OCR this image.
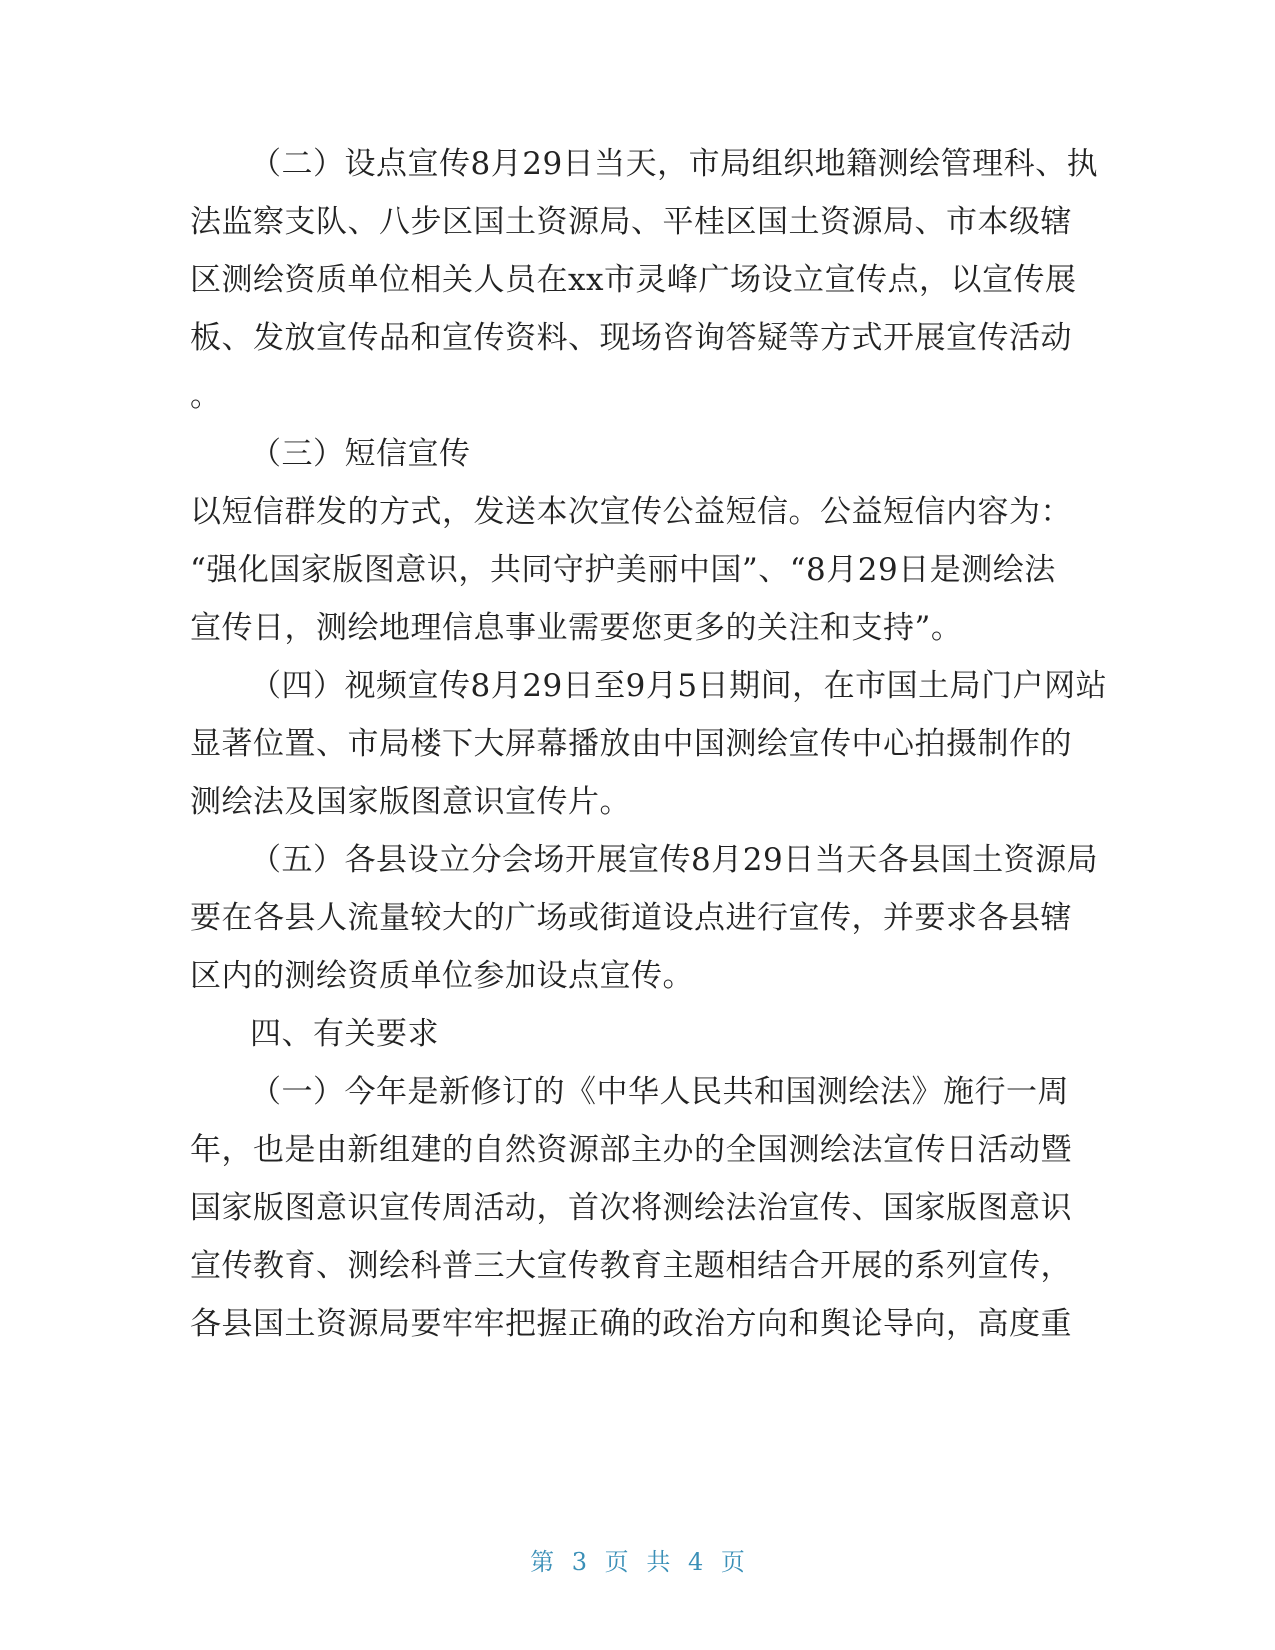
（二）设点宣传8月29日当天，市局组织地籍测绘管理科、执
法监察支队、八步区国土资源局、平桂区国土资源局、市本级辖
区测绘资质单位相关人员在xx市灵峰广场设立宣传点，以宣传展
板、发放宣传品和宣传资料、现场咨询答疑等方式开展宣传活动
。
（三）短信宣传
以短信群发的方式，发送本次宣传公益短信。公益短信内容为：
“强化国家版图意识，共同守护美丽中国”、“8月29日是测绘法
宣传日，测绘地理信息事业需要您更多的关注和支持”。
（四）视频宣传8月29日至9月5日期间，在市国土局门户网站
显著位置、市局楼下大屏幕播放由中国测绘宣传中心拍摄制作的
测绘法及国家版图意识宣传片。
（五）各县设立分会场开展宣传8月29日当天各县国土资源局
要在各县人流量较大的广场或街道设点进行宣传，并要求各县辖
区内的测绘资质单位参加设点宣传。
四、有关要求
（一）今年是新修订的《中华人民共和国测绘法》施行一周
年，也是由新组建的自然资源部主办的全国测绘法宣传日活动暨
国家版图意识宣传周活动，首次将测绘法治宣传、国家版图意识
宣传教育、测绘科普三大宣传教育主题相结合开展的系列宣传，
各县国土资源局要牢牢把握正确的政治方向和舆论导向，高度重
第 3 页 共 4 页
